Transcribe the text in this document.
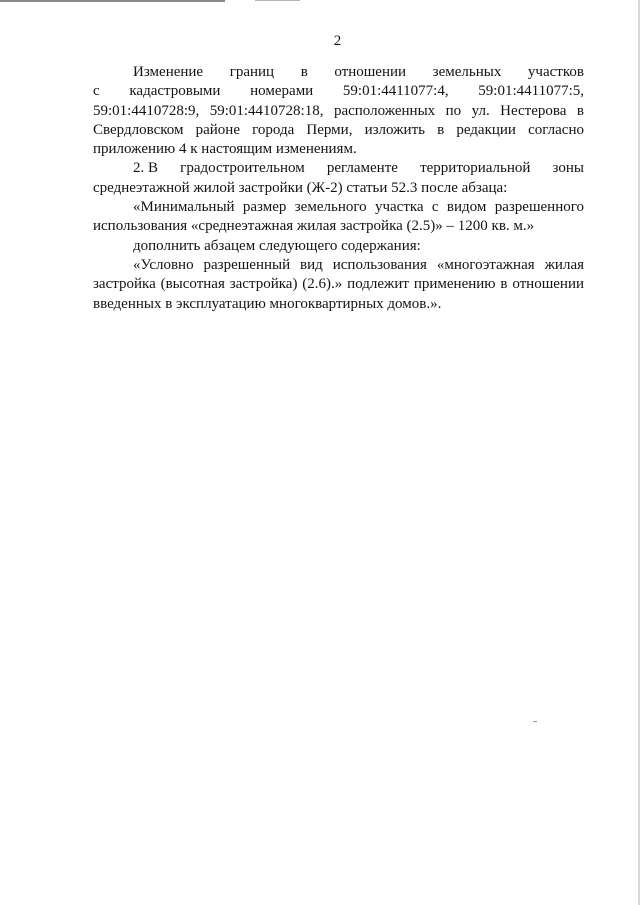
2
Изменение границ в отношении земельных участков
с кадастровыми номерами 59:01:4411077:4, 59:01:4411077:5,

59:01:4410728:9, 59:01:4410728:18, расположенных по ул. Нестерова в Свердловском районе города Перми, изложить в редакции согласно приложению 4 к настоящим изменениям.

2. В градостроительном регламенте территориальной зоны

среднеэтажной жилой застройки (Ж-2) статьи 52.3 после абзаца:

«Минимальный размер земельного участка с видом разрешенного использования «среднеэтажная жилая застройка (2.5)» – 1200 кв. м.»

дополнить абзацем следующего содержания:

«Условно разрешенный вид использования «многоэтажная жилая застройка (высотная застройка) (2.6).» подлежит применению в отношении введенных в эксплуатацию многоквартирных домов.».
